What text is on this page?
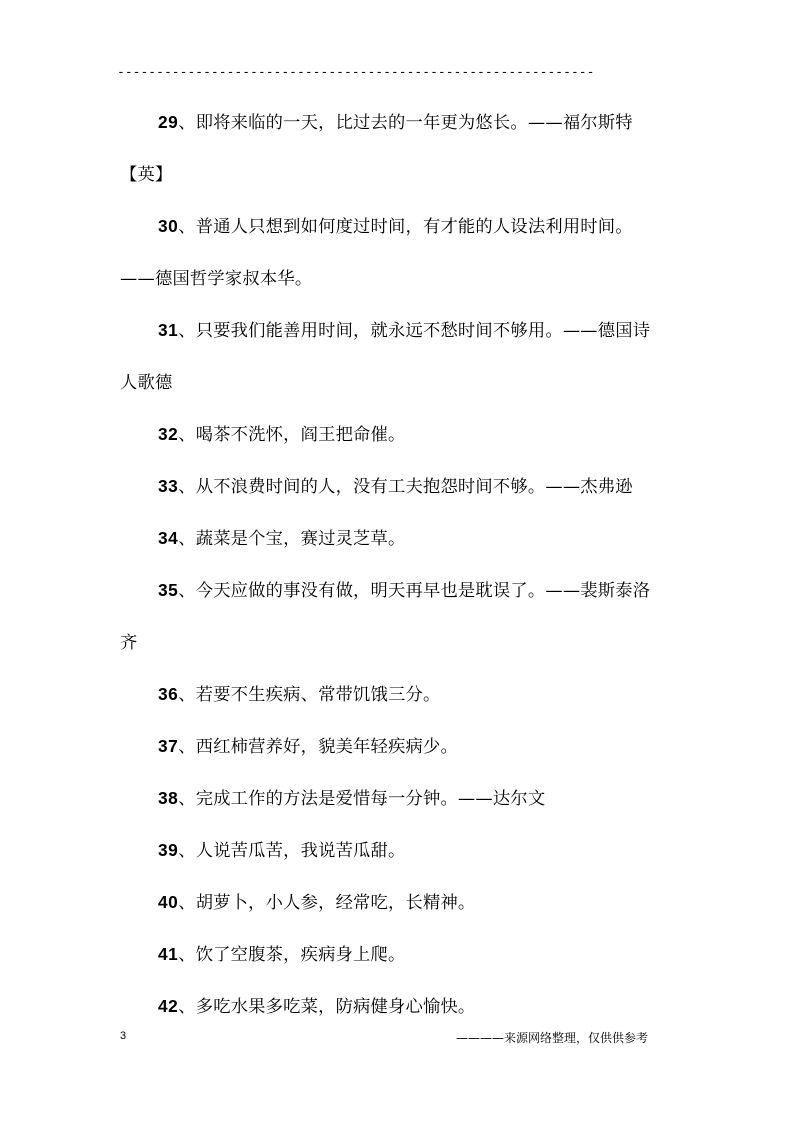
-------------------------------------------------------------
29、即将来临的一天，比过去的一年更为悠长。——福尔斯特
【英】
30、普通人只想到如何度过时间，有才能的人设法利用时间。
——德国哲学家叔本华。
31、只要我们能善用时间，就永远不愁时间不够用。——德国诗
人歌德
32、喝茶不洗怀，阎王把命催。
33、从不浪费时间的人，没有工夫抱怨时间不够。——杰弗逊
34、蔬菜是个宝，赛过灵芝草。
35、今天应做的事没有做，明天再早也是耽误了。——裴斯泰洛
齐
36、若要不生疾病、常带饥饿三分。
37、西红柿营养好，貌美年轻疾病少。
38、完成工作的方法是爱惜每一分钟。——达尔文
39、人说苦瓜苦，我说苦瓜甜。
40、胡萝卜，小人参，经常吃，长精神。
41、饮了空腹茶，疾病身上爬。
42、多吃水果多吃菜，防病健身心愉快。
3	————来源网络整理，仅供供参考
